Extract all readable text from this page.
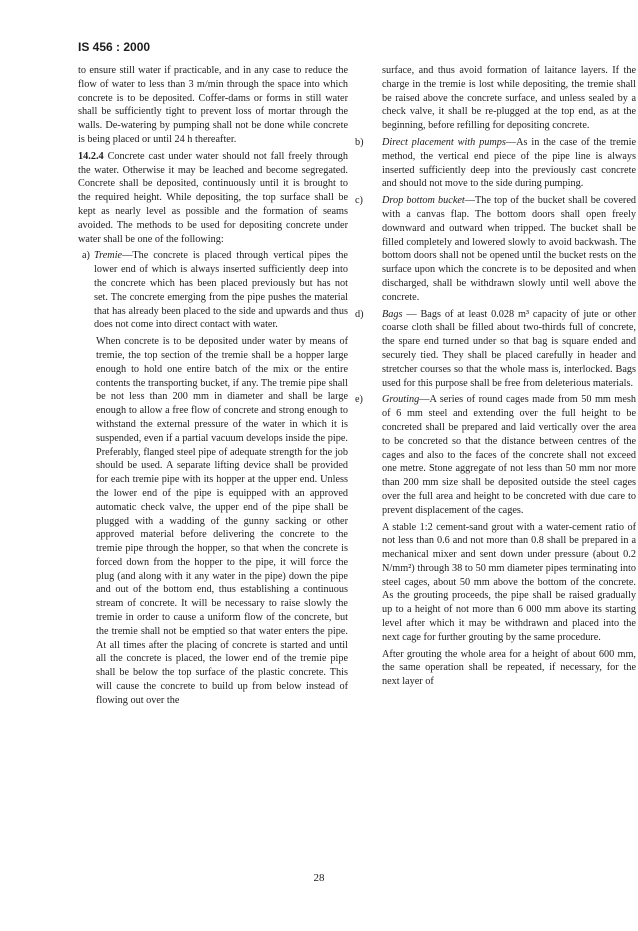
IS 456 : 2000

to ensure still water if practicable, and in any case to reduce the flow of water to less than 3 m/min through the space into which concrete is to be deposited. Coffer-dams or forms in still water shall be sufficiently tight to prevent loss of mortar through the walls. De-watering by pumping shall not be done while concrete is being placed or until 24 h thereafter.

14.2.4 Concrete cast under water should not fall freely through the water. Otherwise it may be leached and become segregated. Concrete shall be deposited, continuously until it is brought to the required height. While depositing, the top surface shall be kept as nearly level as possible and the formation of seams avoided. The methods to be used for depositing concrete under water shall be one of the following:

a) Tremie—The concrete is placed through vertical pipes the lower end of which is always inserted sufficiently deep into the concrete which has been placed previously but has not set. The concrete emerging from the pipe pushes the material that has already been placed to the side and upwards and thus does not come into direct contact with water.

When concrete is to be deposited under water by means of tremie, the top section of the tremie shall be a hopper large enough to hold one entire batch of the mix or the entire contents the transporting bucket, if any. The tremie pipe shall be not less than 200 mm in diameter and shall be large enough to allow a free flow of concrete and strong enough to withstand the external pressure of the water in which it is suspended, even if a partial vacuum develops inside the pipe. Preferably, flanged steel pipe of adequate strength for the job should be used. A separate lifting device shall be provided for each tremie pipe with its hopper at the upper end. Unless the lower end of the pipe is equipped with an approved automatic check valve, the upper end of the pipe shall be plugged with a wadding of the gunny sacking or other approved material before delivering the concrete to the tremie pipe through the hopper, so that when the concrete is forced down from the hopper to the pipe, it will force the plug (and along with it any water in the pipe) down the pipe and out of the bottom end, thus establishing a continuous stream of concrete. It will be necessary to raise slowly the tremie in order to cause a uniform flow of the concrete, but the tremie shall not be emptied so that water enters the pipe. At all times after the placing of concrete is started and until all the concrete is placed, the lower end of the tremie pipe shall be below the top surface of the plastic concrete. This will cause the concrete to build up from below instead of flowing out over the

surface, and thus avoid formation of laitance layers. If the charge in the tremie is lost while depositing, the tremie shall be raised above the concrete surface, and unless sealed by a check valve, it shall be re-plugged at the top end, as at the beginning, before refilling for depositing concrete.

b) Direct placement with pumps—As in the case of the tremie method, the vertical end piece of the pipe line is always inserted sufficiently deep into the previously cast concrete and should not move to the side during pumping.
c) Drop bottom bucket—The top of the bucket shall be covered with a canvas flap. The bottom doors shall open freely downward and outward when tripped. The bucket shall be filled completely and lowered slowly to avoid backwash. The bottom doors shall not be opened until the bucket rests on the surface upon which the concrete is to be deposited and when discharged, shall be withdrawn slowly until well above the concrete.
d) Bags — Bags of at least 0.028 m³ capacity of jute or other coarse cloth shall be filled about two-thirds full of concrete, the spare end turned under so that bag is square ended and securely tied. They shall be placed carefully in header and stretcher courses so that the whole mass is, interlocked. Bags used for this purpose shall be free from deleterious materials.
e) Grouting—A series of round cages made from 50 mm mesh of 6 mm steel and extending over the full height to be concreted shall be prepared and laid vertically over the area to be concreted so that the distance between centres of the cages and also to the faces of the concrete shall not exceed one metre. Stone aggregate of not less than 50 mm nor more than 200 mm size shall be deposited outside the steel cages over the full area and height to be concreted with due care to prevent displacement of the cages.

A stable 1:2 cement-sand grout with a water-cement ratio of not less than 0.6 and not more than 0.8 shall be prepared in a mechanical mixer and sent down under pressure (about 0.2 N/mm²) through 38 to 50 mm diameter pipes terminating into steel cages, about 50 mm above the bottom of the concrete. As the grouting proceeds, the pipe shall be raised gradually up to a height of not more than 6 000 mm above its starting level after which it may be withdrawn and placed into the next cage for further grouting by the same procedure.

After grouting the whole area for a height of about 600 mm, the same operation shall be repeated, if necessary, for the next layer of

28
